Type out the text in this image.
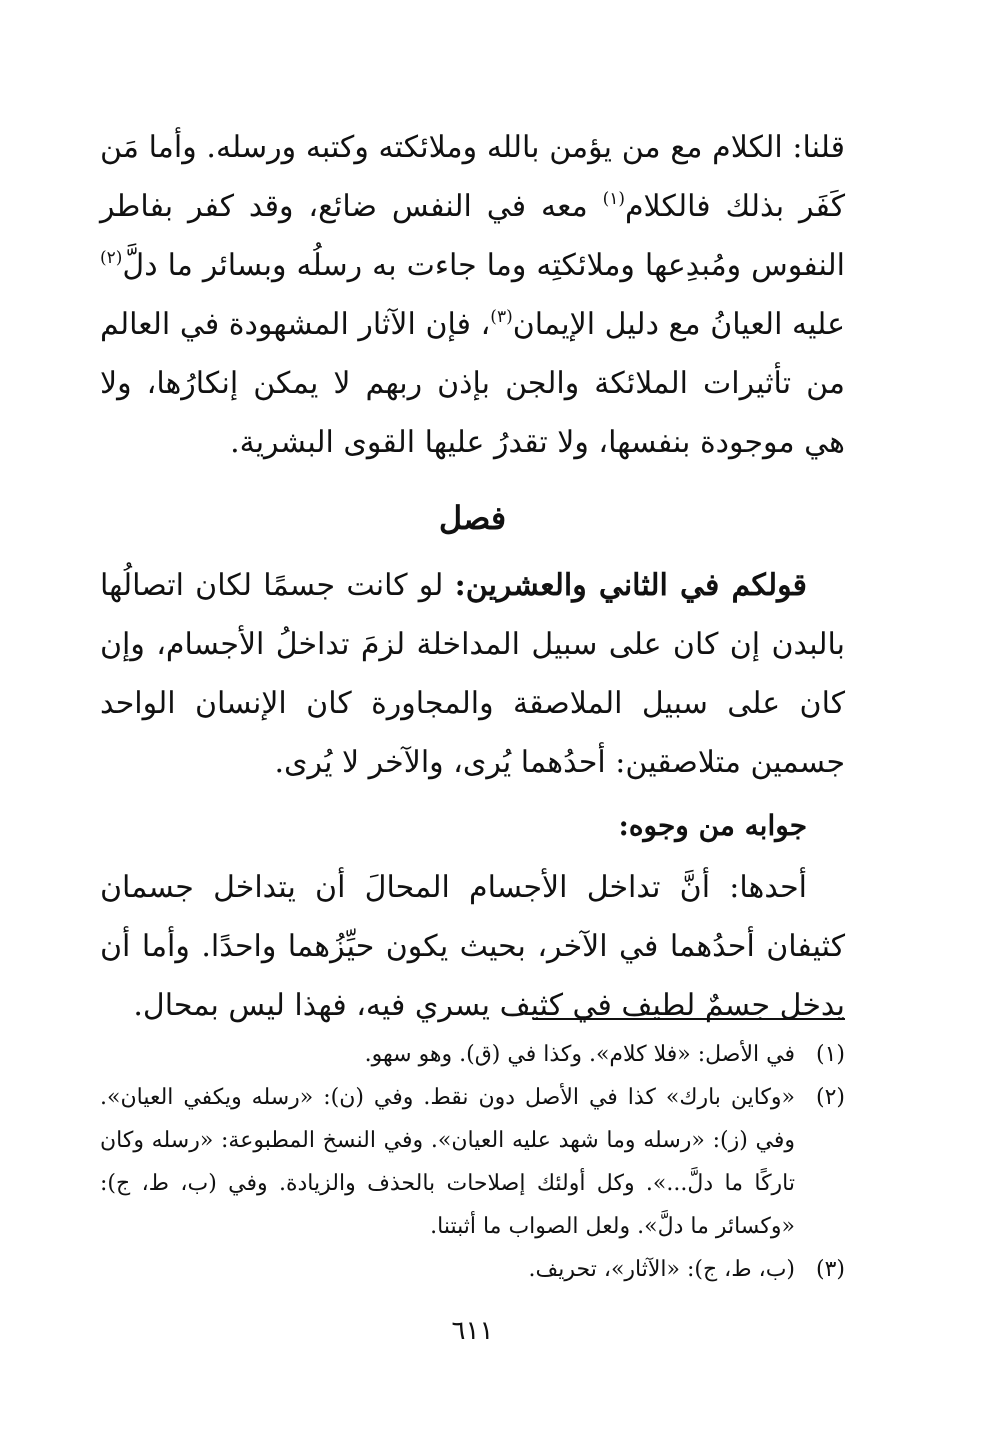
قلنا: الكلام مع من يؤمن بالله وملائكته وكتبه ورسله. وأما مَن كَفَر بذلك فالكلام$^{(١)}$ معه في النفس ضائع، وقد كفر بفاطر النفوس ومُبدِعها وملائكتِه وما جاءت به رسلُه وبسائر ما دلَّ$^{(٢)}$ عليه العيانُ مع دليل الإيمان$^{(٣)}$، فإن الآثار المشهودة في العالم من تأثيرات الملائكة والجن بإذن ربهم لا يمكن إنكارُها، ولا هي موجودة بنفسها، ولا تقدرُ عليها القوى البشرية.

فصل

قولكم في الثاني والعشرين: لو كانت جسمًا لكان اتصالُها بالبدن إن كان على سبيل المداخلة لزمَ تداخلُ الأجسام، وإن كان على سبيل الملاصقة والمجاورة كان الإنسان الواحد جسمين متلاصقين: أحدُهما يُرى، والآخر لا يُرى.

جوابه من وجوه:

أحدها: أنَّ تداخل الأجسام المحالَ أن يتداخل جسمان كثيفان أحدُهما في الآخر، بحيث يكون حيِّزُهما واحدًا. وأما أن يدخل جسمٌ لطيف في كثيف يسري فيه، فهذا ليس بمحال.

(١)
في الأصل: «فلا كلام». وكذا في (ق). وهو سهو.
(٢)
«وكاين بارك» كذا في الأصل دون نقط. وفي (ن): «رسله ويكفي العيان». وفي (ز): «رسله وما شهد عليه العيان». وفي النسخ المطبوعة: «رسله وكان تاركًا ما دلَّ...». وكل أولئك إصلاحات بالحذف والزيادة. وفي (ب، ط، ج): «وكسائر ما دلَّ». ولعل الصواب ما أثبتنا.
(٣)
(ب، ط، ج): «الآثار»، تحريف.
٦١١
